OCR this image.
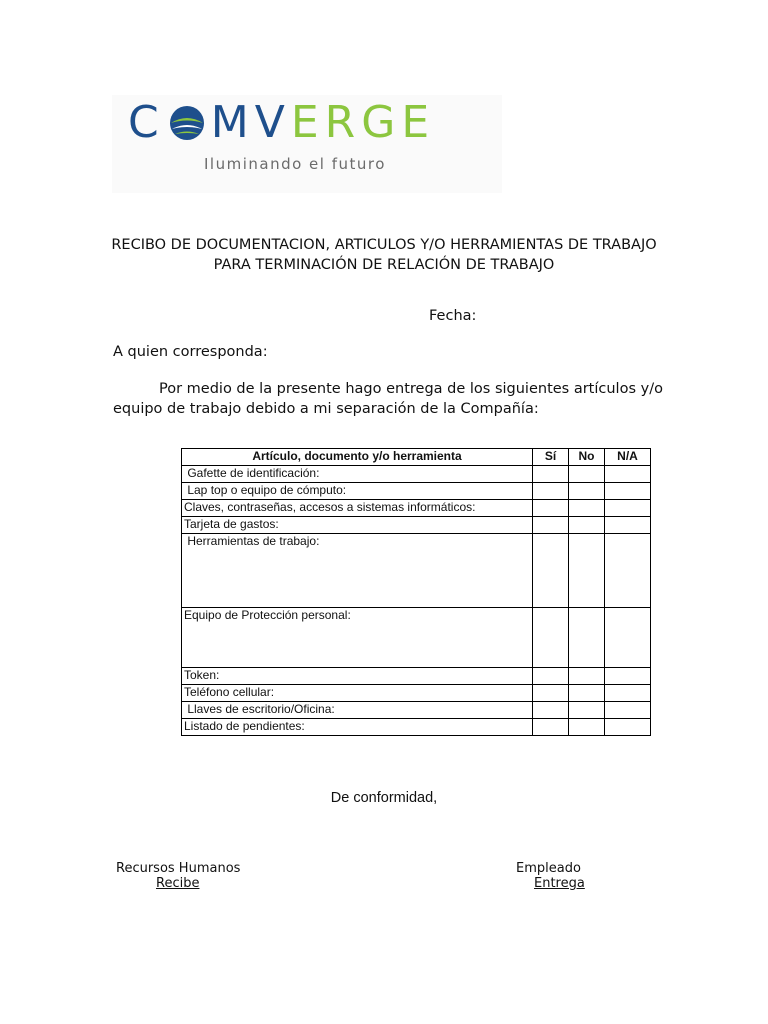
C M V E R G E
Iluminando el futuro
RECIBO DE DOCUMENTACION, ARTICULOS Y/O HERRAMIENTAS DE TRABAJO PARA TERMINACIÓN DE RELACIÓN DE TRABAJO
Fecha:
A quien corresponda:
Por medio de la presente hago entrega de los siguientes artículos y/o equipo de trabajo debido a mi separación de la Compañía:
Artículo, documento y/o herramienta	Sí	No	N/A
Gafette de identificación:			
Lap top o equipo de cómputo:			
Claves, contraseñas, accesos a sistemas informáticos:			
Tarjeta de gastos:			
Herramientas de trabajo:			
Equipo de Protección personal:			
Token:			
Teléfono cellular:			
Llaves de escritorio/Oficina:			
Listado de pendientes:			
De conformidad,
Recursos Humanos
Recibe
Empleado
Entrega
